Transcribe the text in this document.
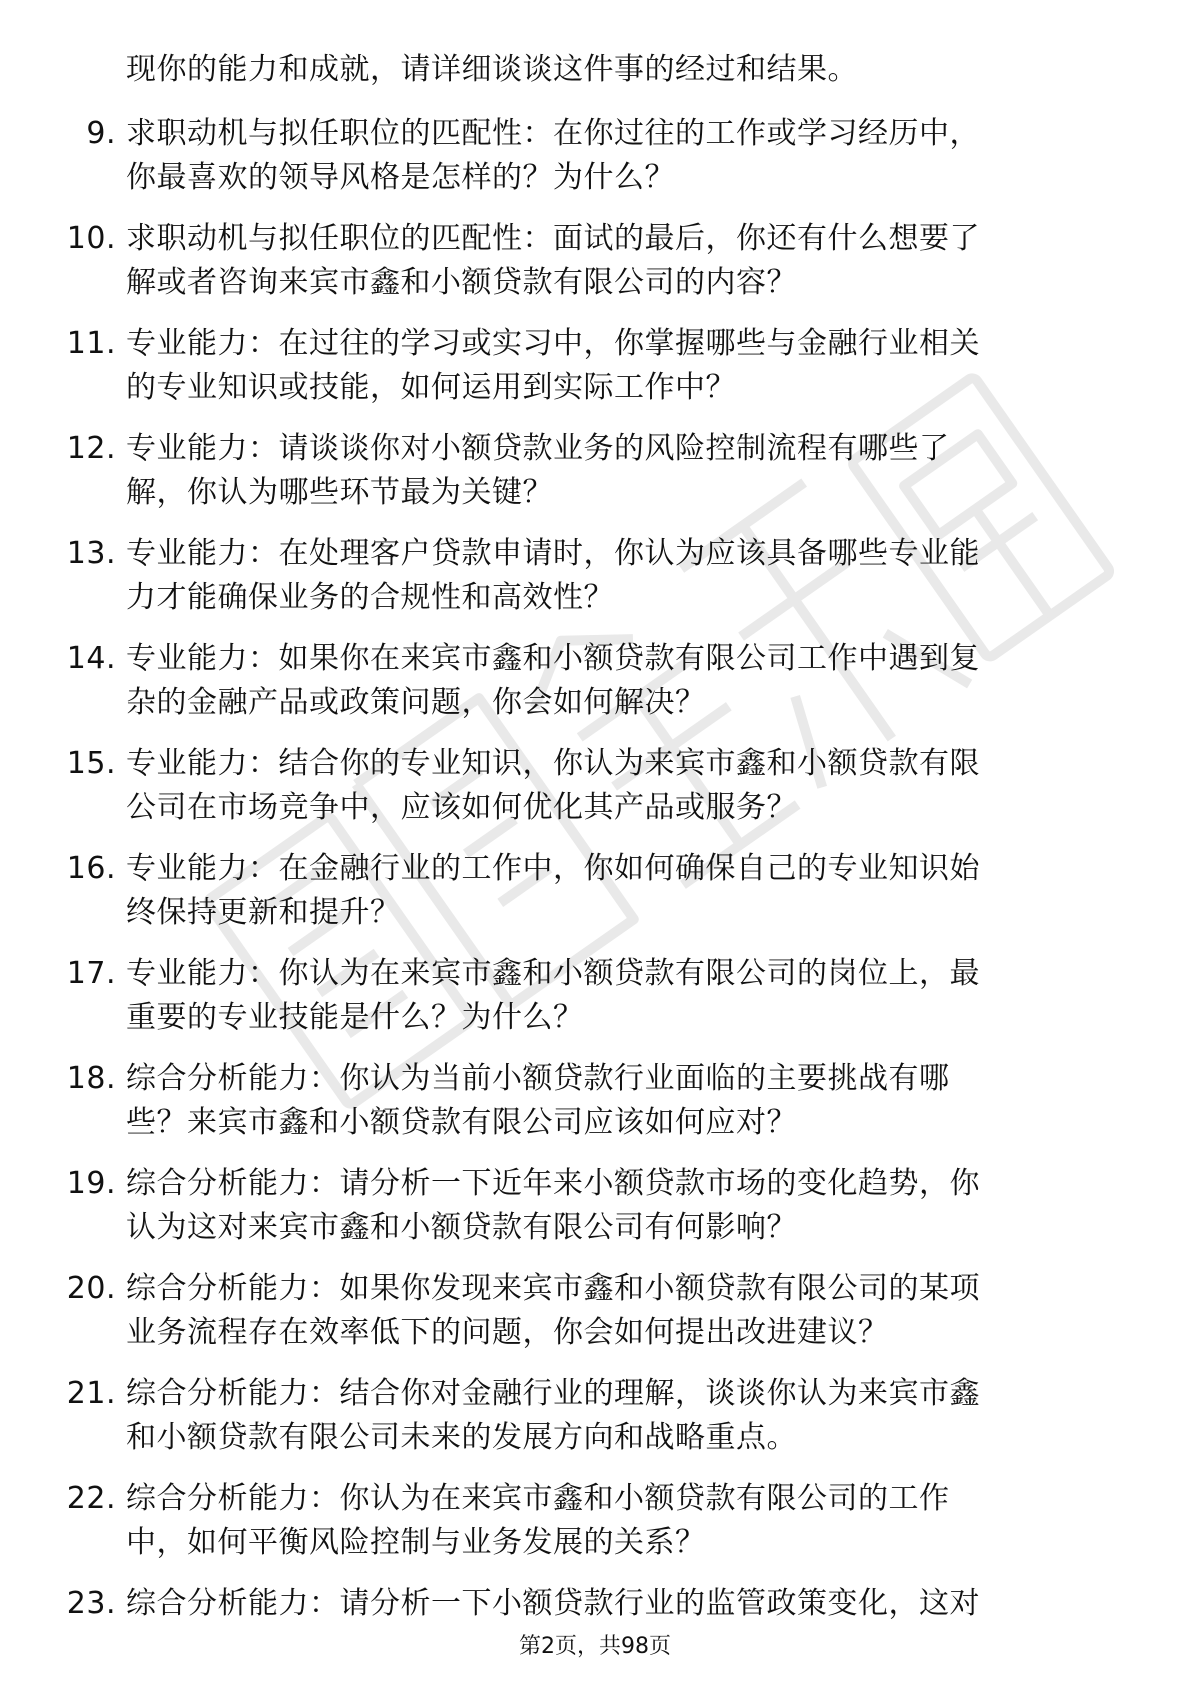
现你的能力和成就，请详细谈谈这件事的经过和结果。
9. 求职动机与拟任职位的匹配性：在你过往的工作或学习经历中，
你最喜欢的领导风格是怎样的？为什么？
10. 求职动机与拟任职位的匹配性：面试的最后，你还有什么想要了
解或者咨询来宾市鑫和小额贷款有限公司的内容？
11. 专业能力：在过往的学习或实习中，你掌握哪些与金融行业相关
的专业知识或技能，如何运用到实际工作中？
12. 专业能力：请谈谈你对小额贷款业务的风险控制流程有哪些了
解，你认为哪些环节最为关键？
13. 专业能力：在处理客户贷款申请时，你认为应该具备哪些专业能
力才能确保业务的合规性和高效性？
14. 专业能力：如果你在来宾市鑫和小额贷款有限公司工作中遇到复
杂的金融产品或政策问题，你会如何解决？
15. 专业能力：结合你的专业知识，你认为来宾市鑫和小额贷款有限
公司在市场竞争中，应该如何优化其产品或服务？
16. 专业能力：在金融行业的工作中，你如何确保自己的专业知识始
终保持更新和提升？
17. 专业能力：你认为在来宾市鑫和小额贷款有限公司的岗位上，最
重要的专业技能是什么？为什么？
18. 综合分析能力：你认为当前小额贷款行业面临的主要挑战有哪
些？来宾市鑫和小额贷款有限公司应该如何应对？
19. 综合分析能力：请分析一下近年来小额贷款市场的变化趋势，你
认为这对来宾市鑫和小额贷款有限公司有何影响？
20. 综合分析能力：如果你发现来宾市鑫和小额贷款有限公司的某项
业务流程存在效率低下的问题，你会如何提出改进建议？
21. 综合分析能力：结合你对金融行业的理解，谈谈你认为来宾市鑫
和小额贷款有限公司未来的发展方向和战略重点。
22. 综合分析能力：你认为在来宾市鑫和小额贷款有限公司的工作
中，如何平衡风险控制与业务发展的关系？
23. 综合分析能力：请分析一下小额贷款行业的监管政策变化，这对
第2页，共98页
